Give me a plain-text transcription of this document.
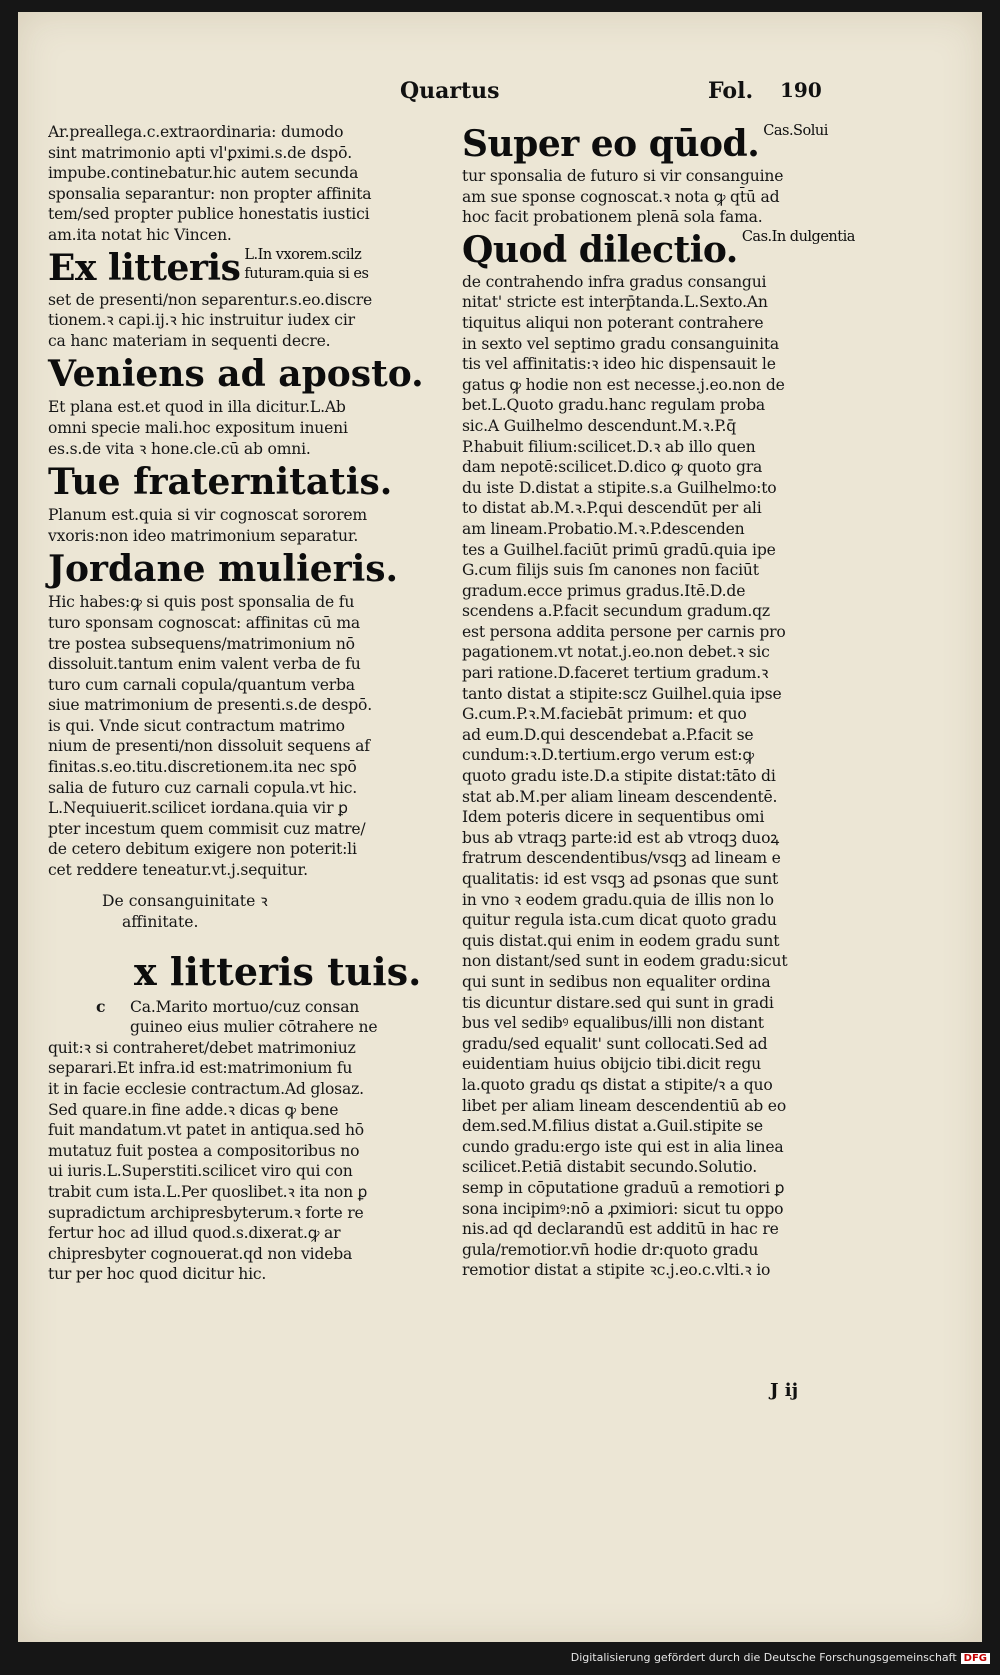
Quartus	Fol. 190
Ar.preallega.c.extraordinaria: dumodo
sint matrimonio apti vl'ꝑximi.s.de dspō.
impube.continebatur.hic autem secunda
sponsalia separantur: non propter affinita
tem/sed propter publice honestatis iustici
am.ita notat hic Vincen.
Ex litteris L.In vxorem.scilz futuram.quia si es
set de presenti/non separentur.s.eo.discre
tionem.ꝛ capi.ij.ꝛ hic instruitur iudex cir
ca hanc materiam in sequenti decre.
Veniens ad aposto.
Et plana est.et quod in illa dicitur.L.Ab
omni specie mali.hoc expositum inueni
es.s.de vita ꝛ hone.cle.cū ab omni.
Tue fraternitatis.
Planum est.quia si vir cognoscat sororem
vxoris:non ideo matrimonium separatur.
Jordane mulieris.
Hic habes:ꝙ si quis post sponsalia de fu
turo sponsam cognoscat: affinitas cū ma
tre postea subsequens/matrimonium nō
dissoluit.tantum enim valent verba de fu
turo cum carnali copula/quantum verba
siue matrimonium de presenti.s.de despō.
is qui. Vnde sicut contractum matrimo
nium de presenti/non dissoluit sequens af
finitas.s.eo.titu.discretionem.ita nec spō
salia de futuro cuz carnali copula.vt hic.
L.Nequiuerit.scilicet iordana.quia vir ꝑ
pter incestum quem commisit cuz matre/
de cetero debitum exigere non poterit:li
cet reddere teneatur.vt.j.sequitur.
De consanguinitate ꝛ
affinitate.
x litteris tuis.
c	Ca.Marito mortuo/cuz consan
guineo eius mulier cōtrahere ne
quit:ꝛ si contraheret/debet matrimoniuz
separari.Et infra.id est:matrimonium fu
it in facie ecclesie contractum.Ad glosaz.
Sed quare.in fine adde.ꝛ dicas ꝙ bene
fuit mandatum.vt patet in antiqua.sed hō
mutatuz fuit postea a compositoribus no
ui iuris.L.Superstiti.scilicet viro qui con
trabit cum ista.L.Per quoslibet.ꝛ ita non ꝑ
supradictum archipresbyterum.ꝛ forte re
fertur hoc ad illud quod.s.dixerat.ꝙ ar
chipresbyter cognouerat.qd non videba
tur per hoc quod dicitur hic.
Super eo qūod. Cas.Solui
tur sponsalia de futuro si vir consanguine
am sue sponse cognoscat.ꝛ nota ꝙ qt̄ū ad
hoc facit probationem plenā sola fama.
Quod dilectio. Cas.In dulgentia
de contrahendo infra gradus consangui
nitat' stricte est interp̄tanda.L.Sexto.An
tiquitus aliqui non poterant contrahere
in sexto vel septimo gradu consanguinita
tis vel affinitatis:ꝛ ideo hic dispensauit le
gatus ꝙ hodie non est necesse.j.eo.non de
bet.L.Quoto gradu.hanc regulam proba
sic.A Guilhelmo descendunt.M.ꝛ.P.q̄
P.habuit filium:scilicet.D.ꝛ ab illo quen
dam nepotē:scilicet.D.dico ꝙ quoto gra
du iste D.distat a stipite.s.a Guilhelmo:to
to distat ab.M.ꝛ.P.qui descendūt per ali
am lineam.Probatio.M.ꝛ.P.descenden
tes a Guilhel.faciūt primū gradū.quia ipe
G.cum filijs suis ſm canones non faciūt
gradum.ecce primus gradus.Itē.D.de
scendens a.P.facit secundum gradum.qz
est persona addita persone per carnis pro
pagationem.vt notat.j.eo.non debet.ꝛ sic
pari ratione.D.faceret tertium gradum.ꝛ
tanto distat a stipite:scz Guilhel.quia ipse
G.cum.P.ꝛ.M.faciebāt primum: et quo
ad eum.D.qui descendebat a.P.facit se
cundum:ꝛ.D.tertium.ergo verum est:ꝙ
quoto gradu iste.D.a stipite distat:tāto di
stat ab.M.per aliam lineam descendentē.
Idem poteris dicere in sequentibus omi
bus ab vtraqꝫ parte:id est ab vtroqꝫ duoꝝ
fratrum descendentibus/vsqꝫ ad lineam e
qualitatis: id est vsqꝫ ad ꝑsonas que sunt
in vno ꝛ eodem gradu.quia de illis non lo
quitur regula ista.cum dicat quoto gradu
quis distat.qui enim in eodem gradu sunt
non distant/sed sunt in eodem gradu:sicut
qui sunt in sedibus non equaliter ordina
tis dicuntur distare.sed qui sunt in gradi
bus vel sedibꝰ equalibus/illi non distant
gradu/sed equalit' sunt collocati.Sed ad
euidentiam huius obijcio tibi.dicit regu
la.quoto gradu qs distat a stipite/ꝛ a quo
libet per aliam lineam descendentiū ab eo
dem.sed.M.filius distat a.Guil.stipite se
cundo gradu:ergo iste qui est in alia linea
scilicet.P.etiā distabit secundo.Solutio.
semp in cōputatione graduū a remotiori ꝑ
sona incipimꝰ:nō a ꝓximiori: sicut tu oppo
nis.ad qd declarandū est additū in hac re
gula/remotior.vn̄ hodie dr:quoto gradu
remotior distat a stipite ꝛc.j.eo.c.vlti.ꝛ io
J ij
Digitalisierung gefördert durch die Deutsche Forschungsgemeinschaft DFG
